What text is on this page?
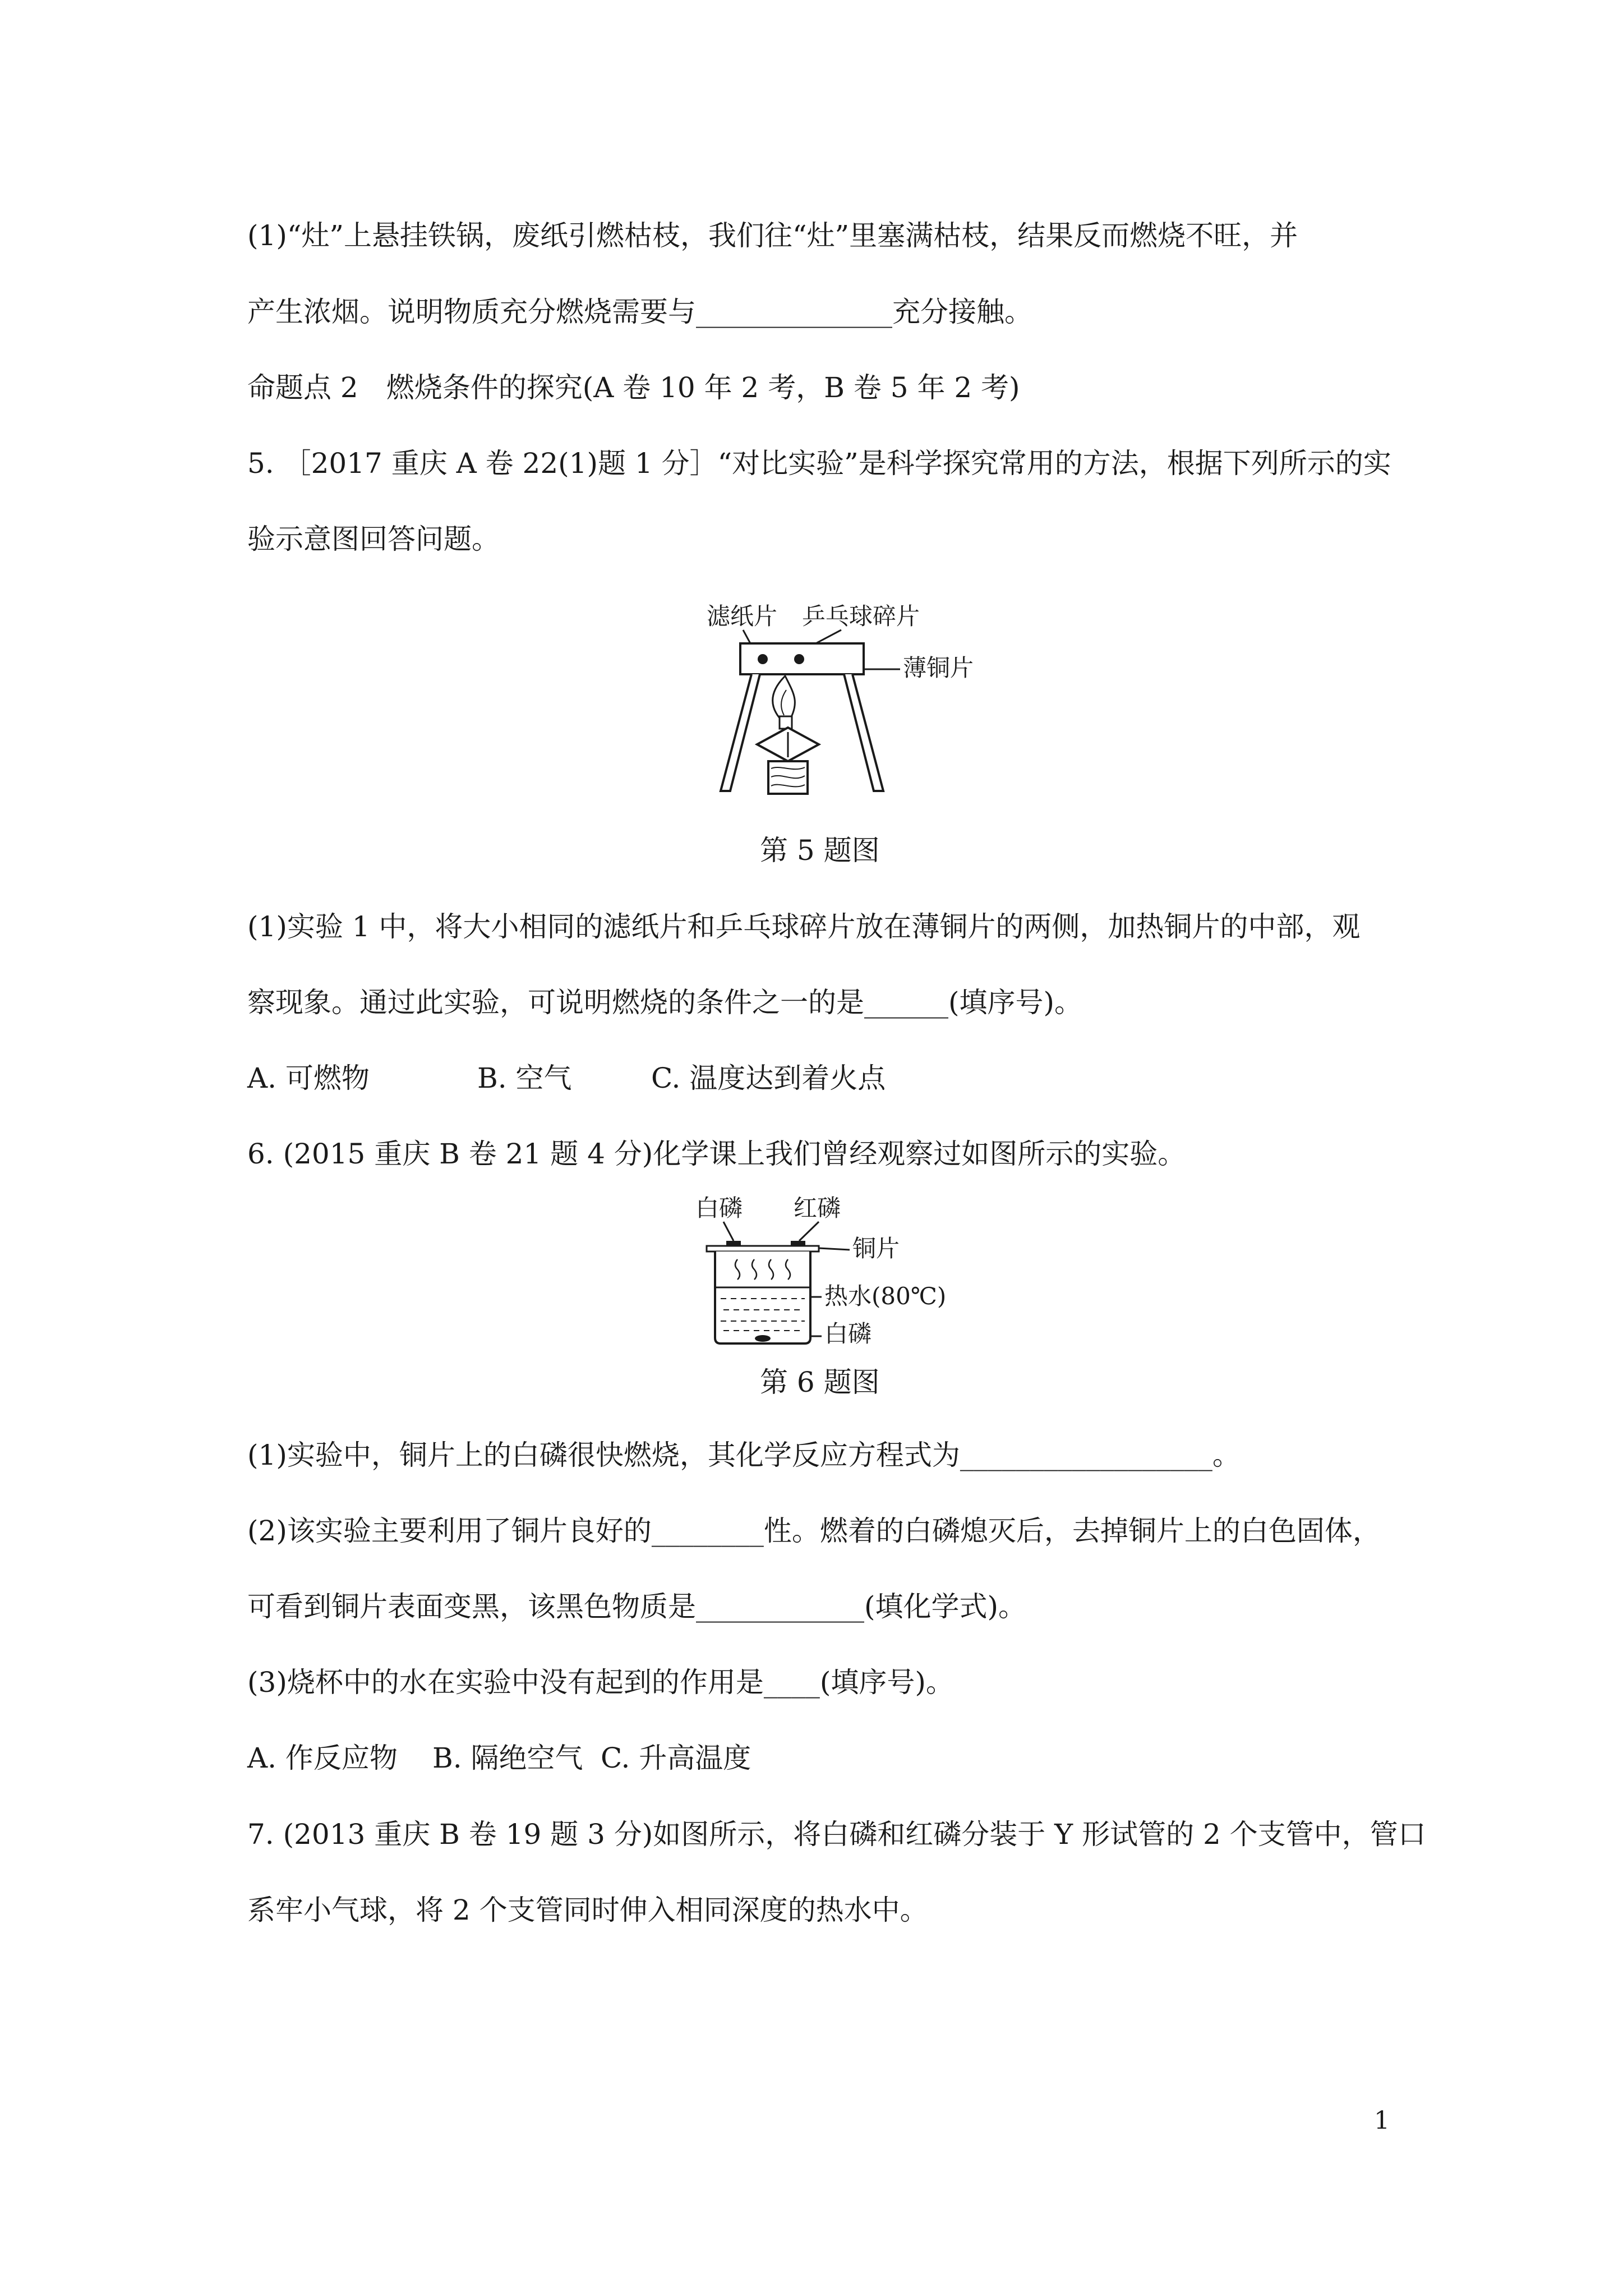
(1)“灶”上悬挂铁锅，废纸引燃枯枝，我们往“灶”里塞满枯枝，结果反而燃烧不旺，并
产生浓烟。说明物质充分燃烧需要与______________充分接触。
命题点 2　燃烧条件的探究(A 卷 10 年 2 考，B 卷 5 年 2 考)
5. ［2017 重庆 A 卷 22(1)题 1 分］“对比实验”是科学探究常用的方法，根据下列所示的实
验示意图回答问题。
滤纸片 乒乓球碎片
薄铜片
第 5 题图
(1)实验 1 中，将大小相同的滤纸片和乒乓球碎片放在薄铜片的两侧，加热铜片的中部，观
察现象。通过此实验，可说明燃烧的条件之一的是______(填序号)。
A. 可燃物	B. 空气	C. 温度达到着火点
6. (2015 重庆 B 卷 21 题 4 分)化学课上我们曾经观察过如图所示的实验。
白磷 红磷
铜片
热水(80℃)
白磷
第 6 题图
(1)实验中，铜片上的白磷很快燃烧，其化学反应方程式为__________________。
(2)该实验主要利用了铜片良好的________性。燃着的白磷熄灭后，去掉铜片上的白色固体，
可看到铜片表面变黑，该黑色物质是____________(填化学式)。
(3)烧杯中的水在实验中没有起到的作用是____(填序号)。
A. 作反应物 B. 隔绝空气 C. 升高温度
7. (2013 重庆 B 卷 19 题 3 分)如图所示，将白磷和红磷分装于 Y 形试管的 2 个支管中，管口
系牢小气球，将 2 个支管同时伸入相同深度的热水中。
1
